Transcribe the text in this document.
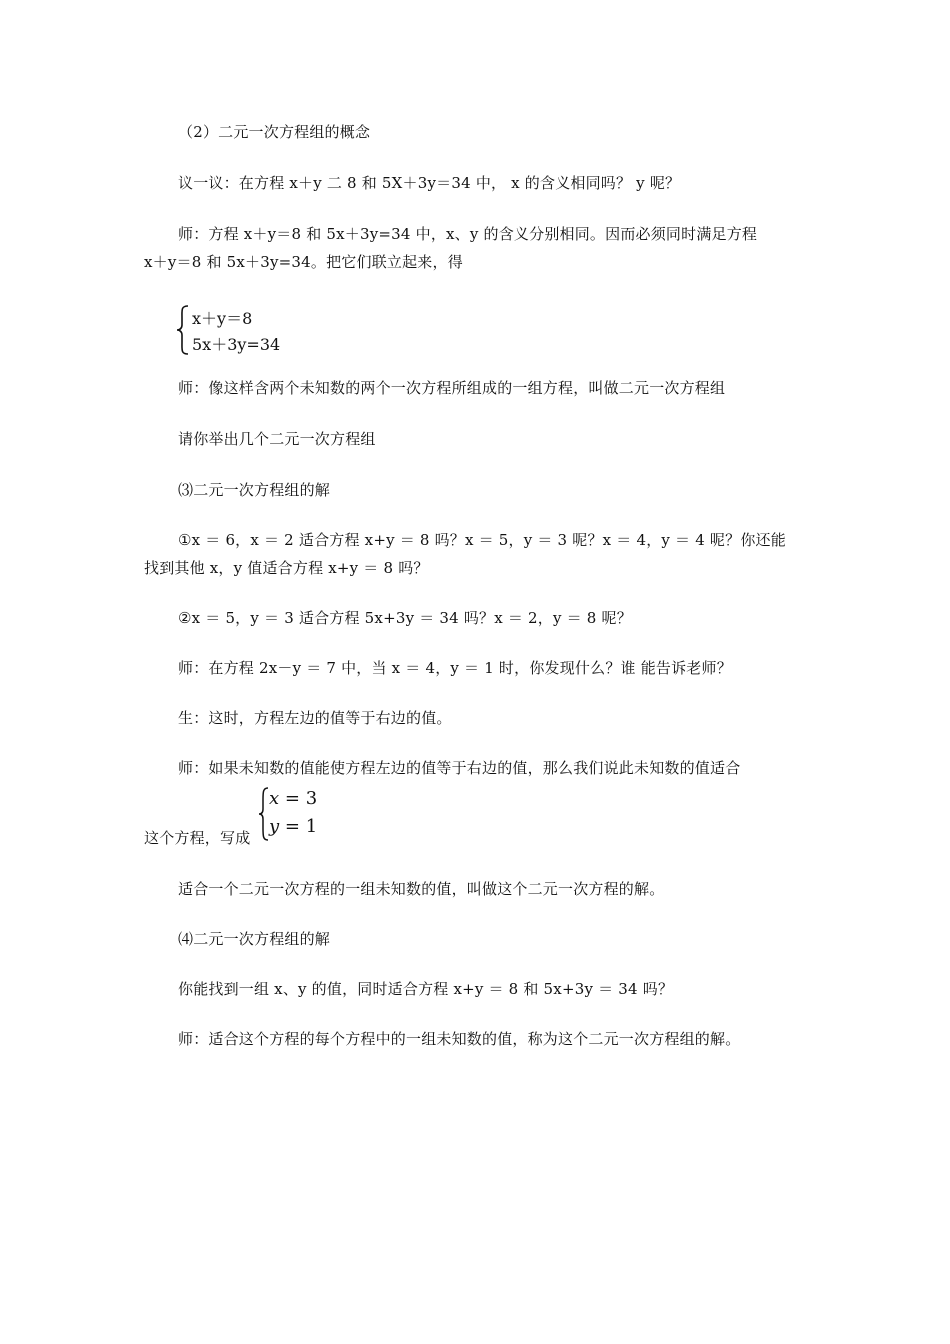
（2）二元一次方程组的概念
议一议：在方程 x＋y 二 8 和 5X＋3y＝34 中， x 的含义相同吗？ y 呢？
师：方程 x＋y＝8 和 5x＋3y=34 中，x、y 的含义分别相同。因而必须同时满足方程
x＋y＝8 和 5x＋3y=34。把它们联立起来，得
x＋y＝8
5x＋3y=34
师：像这样含两个未知数的两个一次方程所组成的一组方程，叫做二元一次方程组
请你举出几个二元一次方程组
⑶二元一次方程组的解
①x ＝ 6，x ＝ 2 适合方程 x+y ＝ 8 吗？x ＝ 5，y ＝ 3 呢？x ＝ 4，y ＝ 4 呢？你还能
找到其他 x，y 值适合方程 x+y ＝ 8 吗？
②x ＝ 5，y ＝ 3 适合方程 5x+3y ＝ 34 吗？x ＝ 2，y ＝ 8 呢？
师：在方程 2x－y ＝ 7 中，当 x ＝ 4，y ＝ 1 时，你发现什么？谁 能告诉老师？
生：这时，方程左边的值等于右边的值。
师：如果未知数的值能使方程左边的值等于右边的值，那么我们说此未知数的值适合
这个方程，写成
x = 3
y = 1
适合一个二元一次方程的一组未知数的值，叫做这个二元一次方程的解。
⑷二元一次方程组的解
你能找到一组 x、y 的值，同时适合方程 x+y ＝ 8 和 5x+3y ＝ 34 吗？
师：适合这个方程的每个方程中的一组未知数的值，称为这个二元一次方程组的解。
